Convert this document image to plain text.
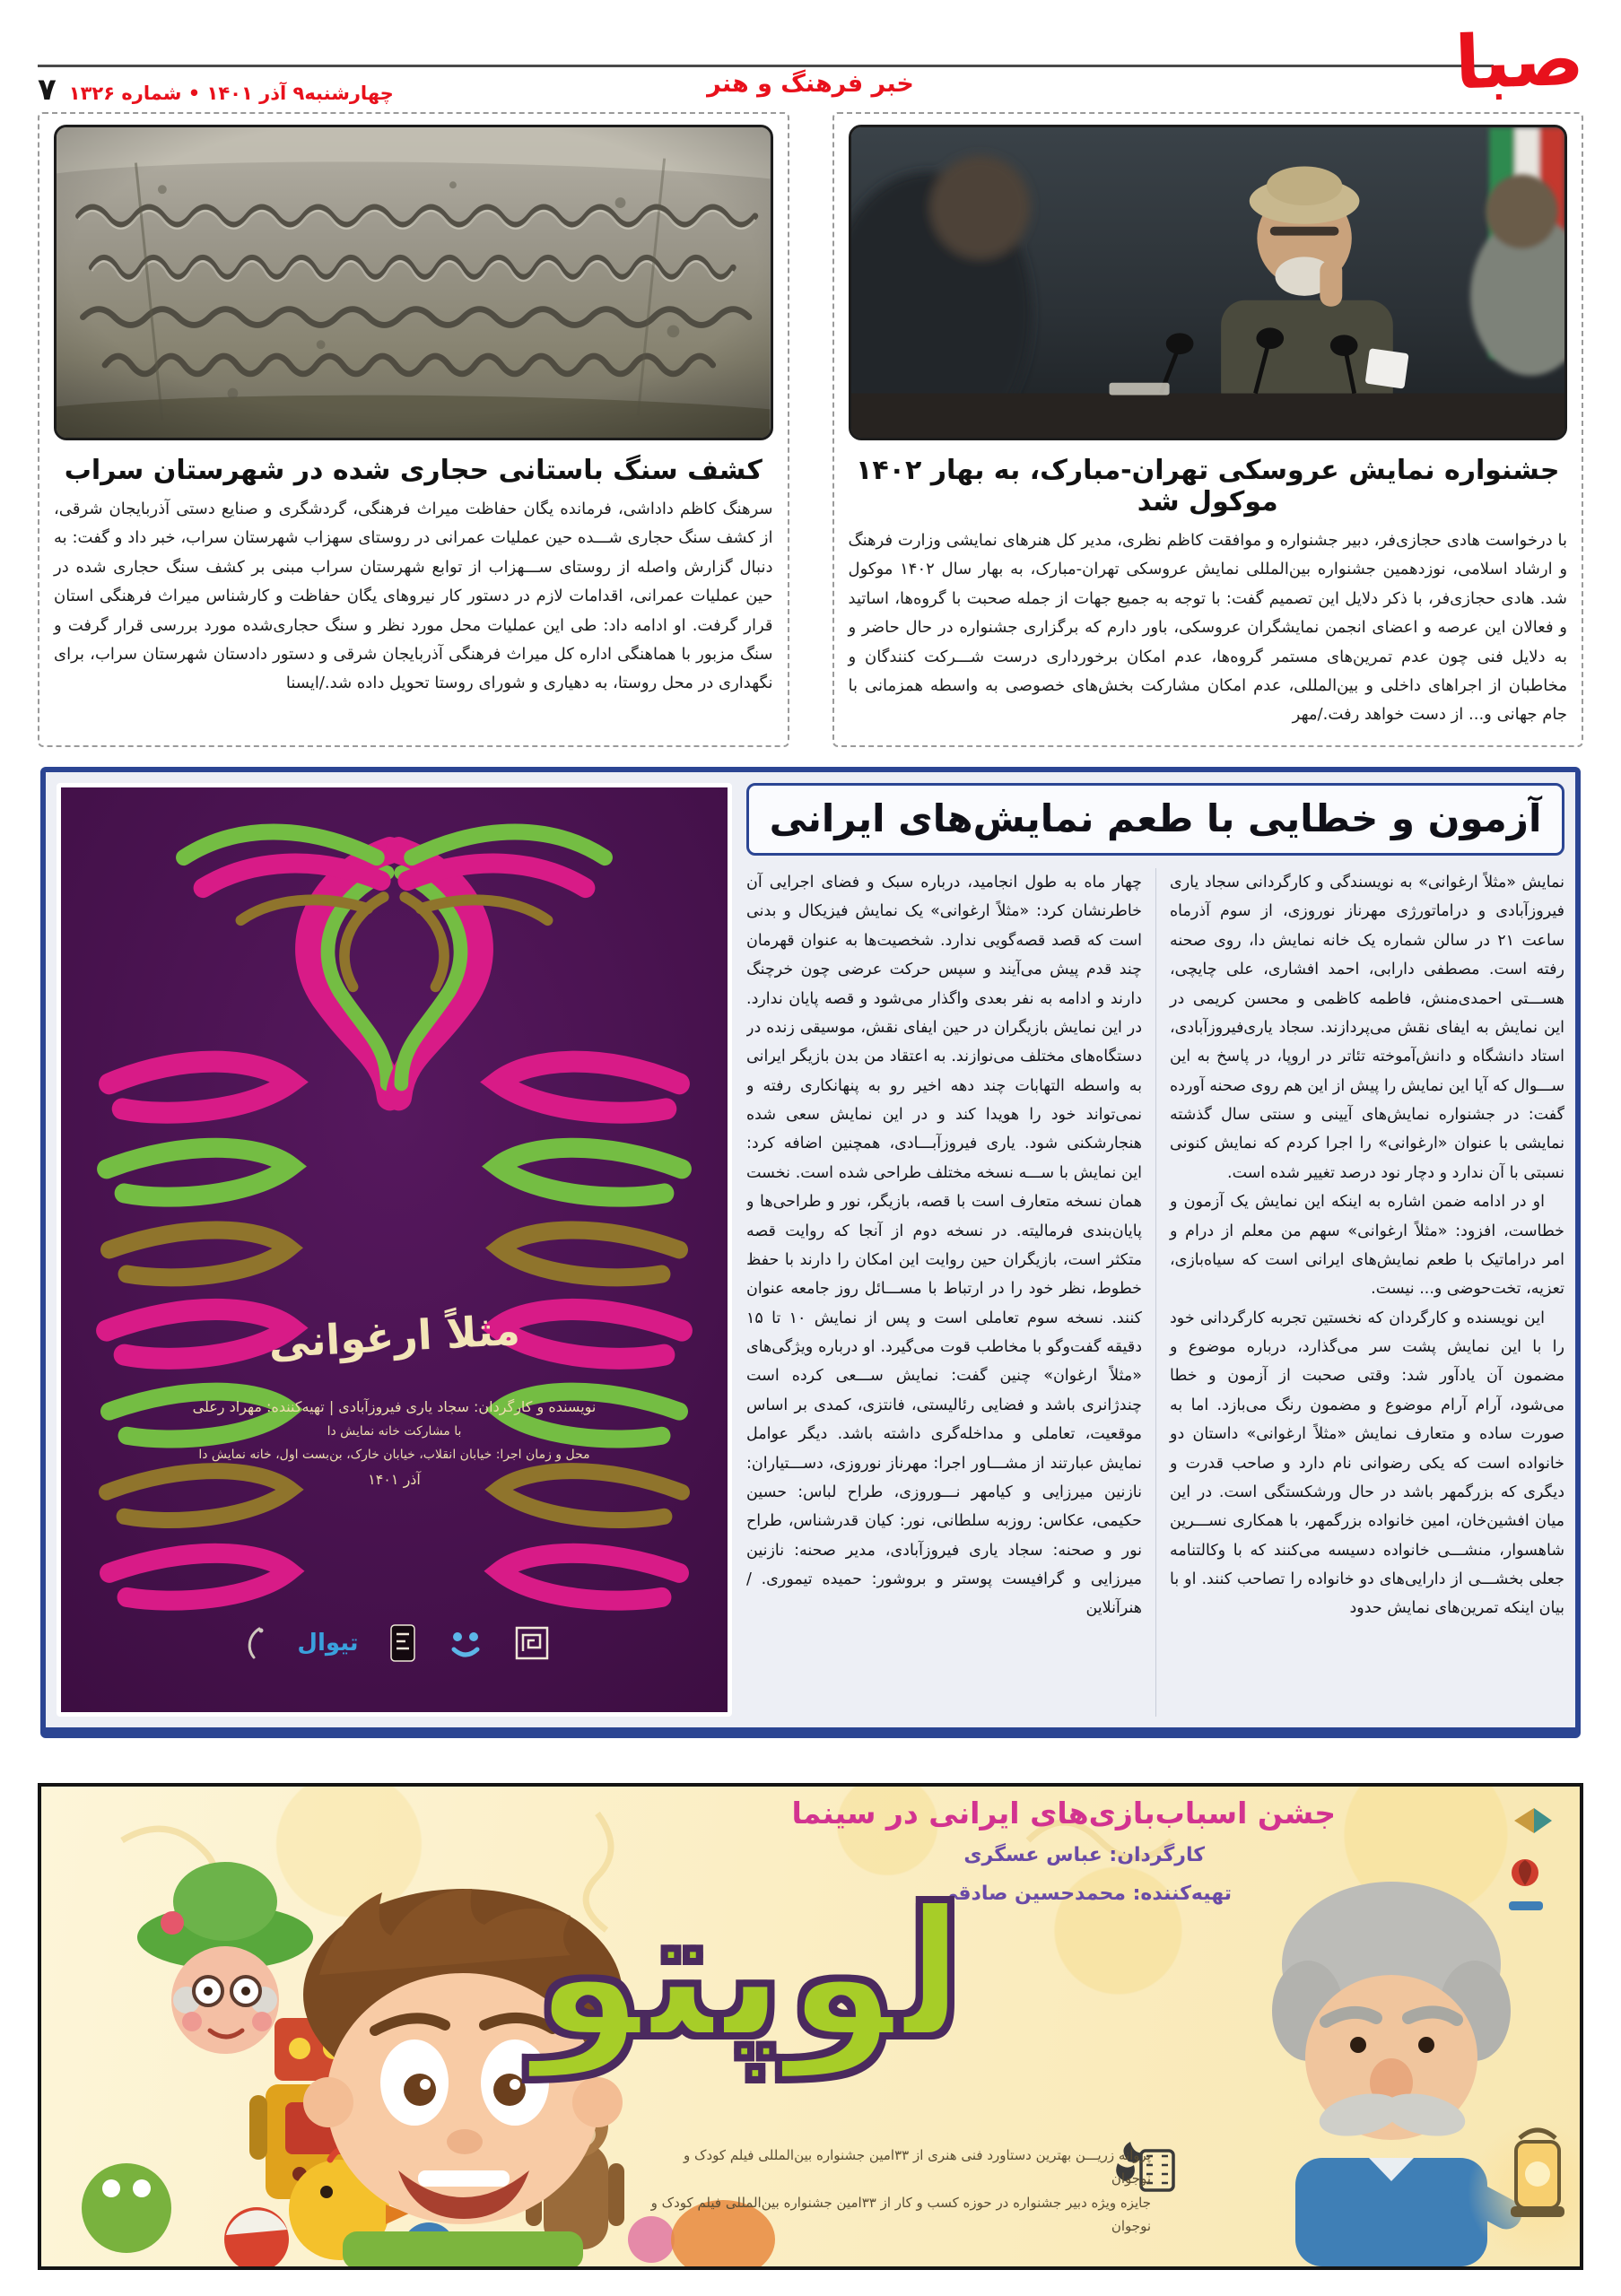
۷ چهارشنبه۹ آذر ۱۴۰۱ • شماره ۱۳۲۶	خبر فرهنگ و هنر	صبا
جشنواره نمایش عروسکی تهران-مبارک، به بهار ۱۴۰۲ موکول شد

با درخواست هادی حجازی‌فر، دبیر جشنواره و موافقت کاظم نظری، مدیر کل هنرهای نمایشی وزارت فرهنگ و ارشاد اسلامی، نوزدهمین جشنواره بین‌المللی نمایش عروسکی تهران-مبارک، به بهار سال ۱۴۰۲ موکول شد. هادی حجازی‌فر، با ذکر دلایل این تصمیم گفت: با توجه به جمیع جهات از جمله صحبت با گروه‌ها، اساتید و فعالان این عرصه و اعضای انجمن نمایشگران عروسکی، باور دارم که برگزاری جشنواره در حال حاضر و به دلایل فنی چون عدم تمرین‌های مستمر گروه‌ها، عدم امکان برخورداری درست شـــرکت کنندگان و مخاطبان از اجراهای داخلی و بین‌المللی، عدم امکان مشارکت بخش‌های خصوصی به واسطه همزمانی با جام جهانی و... از دست خواهد رفت./مهر

کشف سنگ باستانی حجاری شده در شهرستان سراب

سرهنگ کاظم داداشی، فرمانده یگان حفاظت میراث فرهنگی، گردشگری و صنایع دستی آذربایجان شرقی، از کشف سنگ حجاری شـــده حین عملیات عمرانی در روستای سهزاب شهرستان سراب، خبر داد و گفت: به دنبال گزارش واصله از روستای ســـهزاب از توابع شهرستان سراب مبنی بر کشف سنگ حجاری شده در حین عملیات عمرانی، اقدامات لازم در دستور کار نیروهای یگان حفاظت و کارشناس میراث فرهنگی استان قرار گرفت. او ادامه داد: طی این عملیات محل مورد نظر و سنگ حجاری‌شده مورد بررسی قرار گرفت و سنگ مزبور با هماهنگی اداره کل میراث فرهنگی آذربایجان شرقی و دستور دادستان شهرستان سراب، برای نگهداری در محل روستا، به دهیاری و شورای روستا تحویل داده شد./ایسنا

آزمون و خطایی با طعم نمایش‌های ایرانی

نمایش «مثلاً ارغوانی» به نویسندگی و کارگردانی سجاد یاری فیروزآبادی و دراماتورژی مهرناز نوروزی، از سوم آذرماه ساعت ۲۱ در سالن شماره یک خانه نمایش دا، روی صحنه رفته است. مصطفی دارابی، احمد افشاری، علی چایچی، هســـتی احمدی‌منش، فاطمه کاظمی و محسن کریمی در این نمایش به ایفای نقش می‌پردازند. سجاد یاری‌فیروزآبادی، استاد دانشگاه و دانش‌آموخته تئاتر در اروپا، در پاسخ به این ســـوال که آیا این نمایش را پیش از این هم روی صحنه آورده گفت: در جشنواره نمایش‌های آیینی و سنتی سال گذشته نمایشی با عنوان «ارغوانی» را اجرا کردم که نمایش کنونی نسبتی با آن ندارد و دچار نود درصد تغییر شده است.

او در ادامه ضمن اشاره به اینکه این نمایش یک آزمون و خطاست، افزود: «مثلاً ارغوانی» سهم من معلم از درام و امر دراماتیک با طعم نمایش‌های ایرانی است که سیاه‌بازی، تعزیه، تخت‌حوضی و... نیست.

این نویسنده و کارگردان که نخستین تجربه کارگردانی خود را با این نمایش پشت سر می‌گذارد، درباره موضوع و مضمون آن یادآور شد: وقتی صحبت از آزمون و خطا می‌شود، آرام آرام موضوع و مضمون رنگ می‌بازد. اما به صورت ساده و متعارف نمایش «مثلاً ارغوانی» داستان دو خانواده است که یکی رضوانی نام دارد و صاحب قدرت و دیگری که بزرگمهر باشد در حال ورشکستگی است. در این میان افشین‌خان، امین خانواده بزرگمهر، با همکاری نســـرین شاهسوار، منشـــی خانواده دسیسه می‌کنند که با وکالتنامه جعلی بخشـــی از دارایی‌های دو خانواده را تصاحب کنند. او با بیان اینکه تمرین‌های نمایش حدود

چهار ماه به طول انجامید، درباره سبک و فضای اجرایی آن خاطرنشان کرد: «مثلاً ارغوانی» یک نمایش فیزیکال و بدنی است که قصد قصه‌گویی ندارد. شخصیت‌ها به عنوان قهرمان چند قدم پیش می‌آیند و سپس حرکت عرضی چون خرچنگ دارند و ادامه به نفر بعدی واگذار می‌شود و قصه پایان ندارد. در این نمایش بازیگران در حین ایفای نقش، موسیقی زنده در دستگاه‌های مختلف می‌نوازند. به اعتقاد من بدن بازیگر ایرانی به واسطه التهابات چند دهه اخیر رو به پنهانکاری رفته و نمی‌تواند خود را هویدا کند و در این نمایش سعی شده هنجارشکنی شود. یاری فیروزآبـــادی، همچنین اضافه کرد: این نمایش با ســـه نسخه مختلف طراحی شده است. نخست همان نسخه متعارف است با قصه، بازیگر، نور و طراحی‌ها و پایان‌بندی فرمالیته. در نسخه دوم از آنجا که روایت قصه متکثر است، بازیگران حین روایت این امکان را دارند با حفظ خطوط، نظر خود را در ارتباط با مســـائل روز جامعه عنوان کنند. نسخه سوم تعاملی است و پس از نمایش ۱۰ تا ۱۵ دقیقه گفت‌وگو با مخاطب قوت می‌گیرد. او درباره ویژگی‌های «مثلاً ارغوان» چنین گفت: نمایش ســـعی کرده است چندژانری باشد و فضایی رئالیستی، فانتزی، کمدی بر اساس موقعیت، تعاملی و مداخله‌گری داشته باشد. دیگر عوامل نمایش عبارتند از مشـــاور اجرا: مهرناز نوروزی، دســـتیاران: نازنین میرزایی و کیامهر نـــوروزی، طراح لباس: حسین حکیمی، عکاس: روزبه سلطانی، نور: کیان قدرشناس، طراح نور و صحنه: سجاد یاری فیروزآبادی، مدیر صحنه: نازنین میرزایی و گرافیست پوستر و بروشور: حمیده تیموری. /هنرآنلاین

مثلاً ارغوانی
نویسنده و کارگردان: سجاد یاری فیروزآبادی | تهیه‌کننده: مهراد رعلی
با مشارکت خانه نمایش دا
محل و زمان اجرا: خیابان انقلاب، خیابان خارک، بن‌بست اول، خانه نمایش دا
آذر ۱۴۰۱
تیوال
جشن اسباب‌بازی‌های ایرانی در سینما
کارگردان: عباس عسگری
تهیه‌کننده: محمدحسین صادقی
لوپتو
پروانه زریـــن بهترین دستاورد فنی هنری از ۳۳امین جشنواره بین‌المللی فیلم کودک و نوجوان
جایزه ویژه دبیر جشنواره در حوزه کسب و کار از ۳۳امین جشنواره بین‌المللی فیلم کودک و نوجوان
